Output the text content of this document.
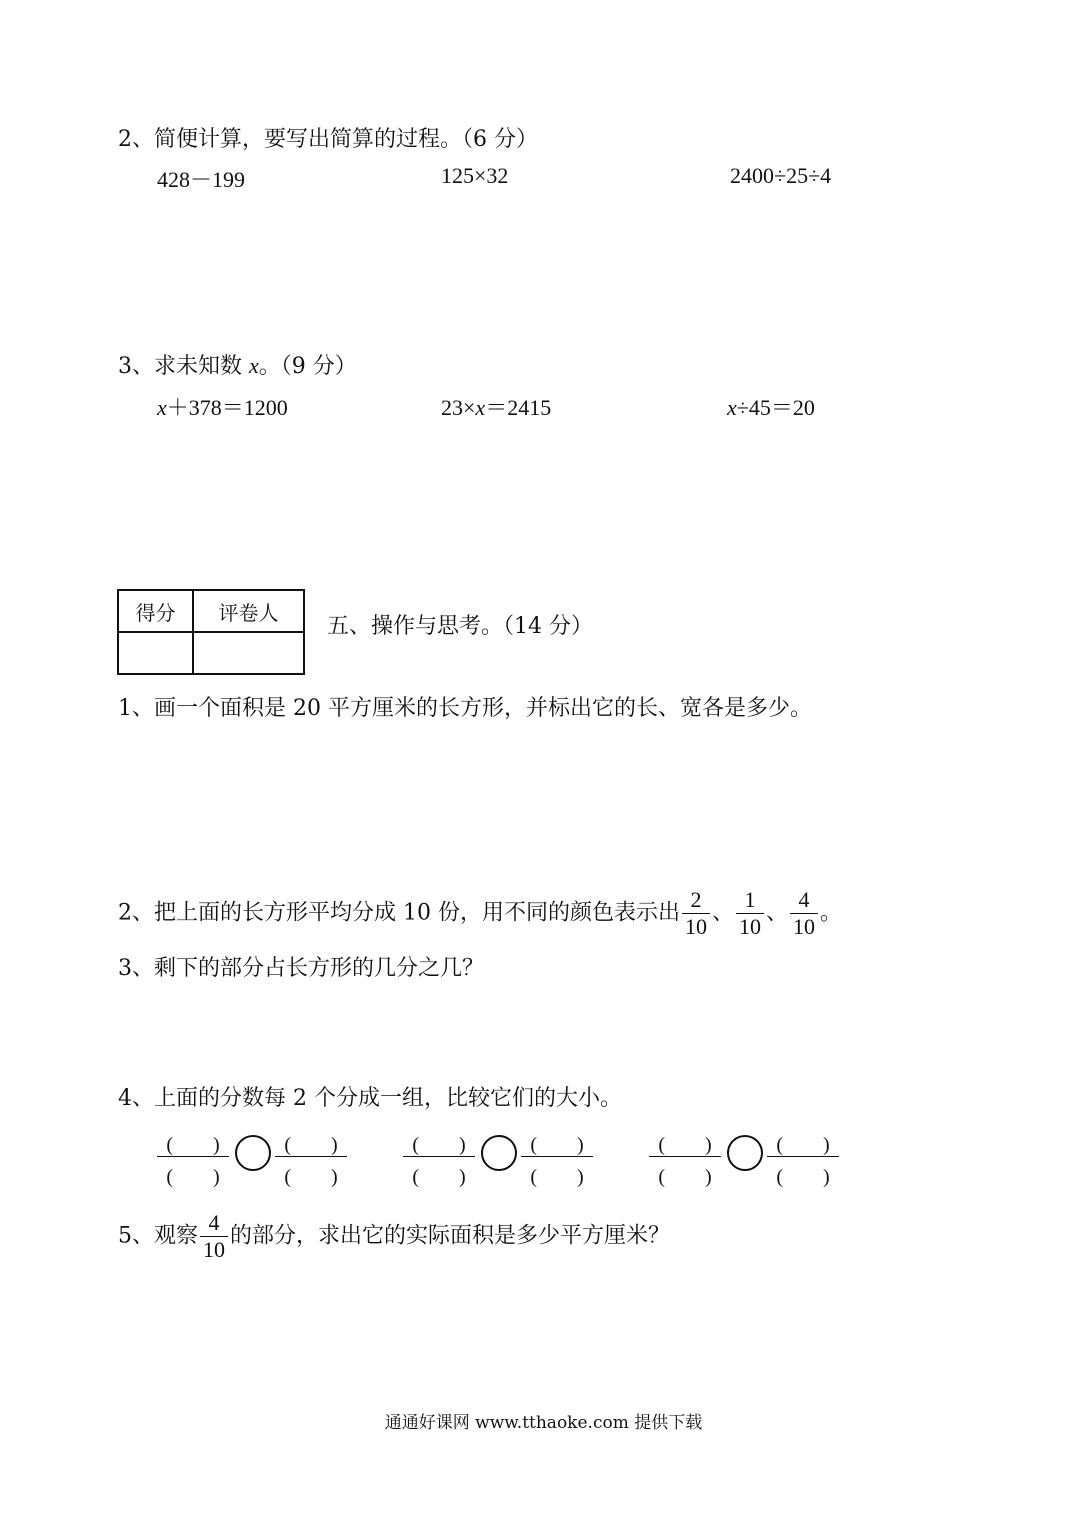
2、简便计算，要写出简算的过程。（6 分）
428－199	125×32	2400÷25÷4
3、求未知数 x。（9 分）
x＋378＝1200	23×x＝2415	x÷45＝20
得分	评卷人

五、操作与思考。（14 分）
1、画一个面积是 20 平方厘米的长方形，并标出它的长、宽各是多少。
2、把上面的长方形平均分成 10 份，用不同的颜色表示出 $\frac{2}{10}$ 、 $\frac{1}{10}$ 、 $\frac{4}{10}$ 。
3、剩下的部分占长方形的几分之几？
4、上面的分数每 2 个分成一组，比较它们的大小。
(　　)
(　　)
(　　)
(　　)
(　　)
(　　)
(　　)
(　　)
(　　)
(　　)
(　　)
(　　)
5、观察 $\frac{4}{10}$ 的部分，求出它的实际面积是多少平方厘米？
通通好课网 www.tthaoke.com 提供下载
